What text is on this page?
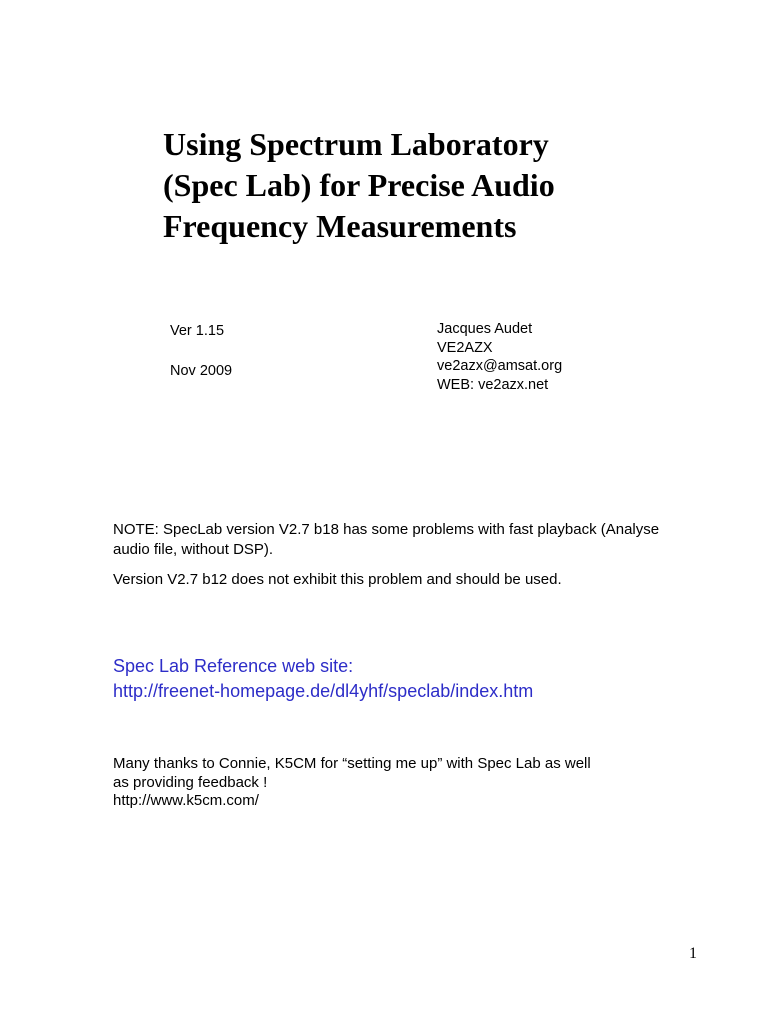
Using Spectrum Laboratory
(Spec Lab) for Precise Audio
Frequency Measurements
Ver 1.15
Nov 2009
Jacques Audet
VE2AZX
ve2azx@amsat.org
WEB: ve2azx.net

NOTE: SpecLab version V2.7 b18 has some problems with fast playback (Analyse audio file, without DSP).

Version V2.7 b12 does not exhibit this problem and should be used.

Spec Lab Reference web site:
http://freenet-homepage.de/dl4yhf/speclab/index.htm
Many thanks to Connie, K5CM for “setting me up” with Spec Lab as well
as providing feedback !
http://www.k5cm.com/
1
